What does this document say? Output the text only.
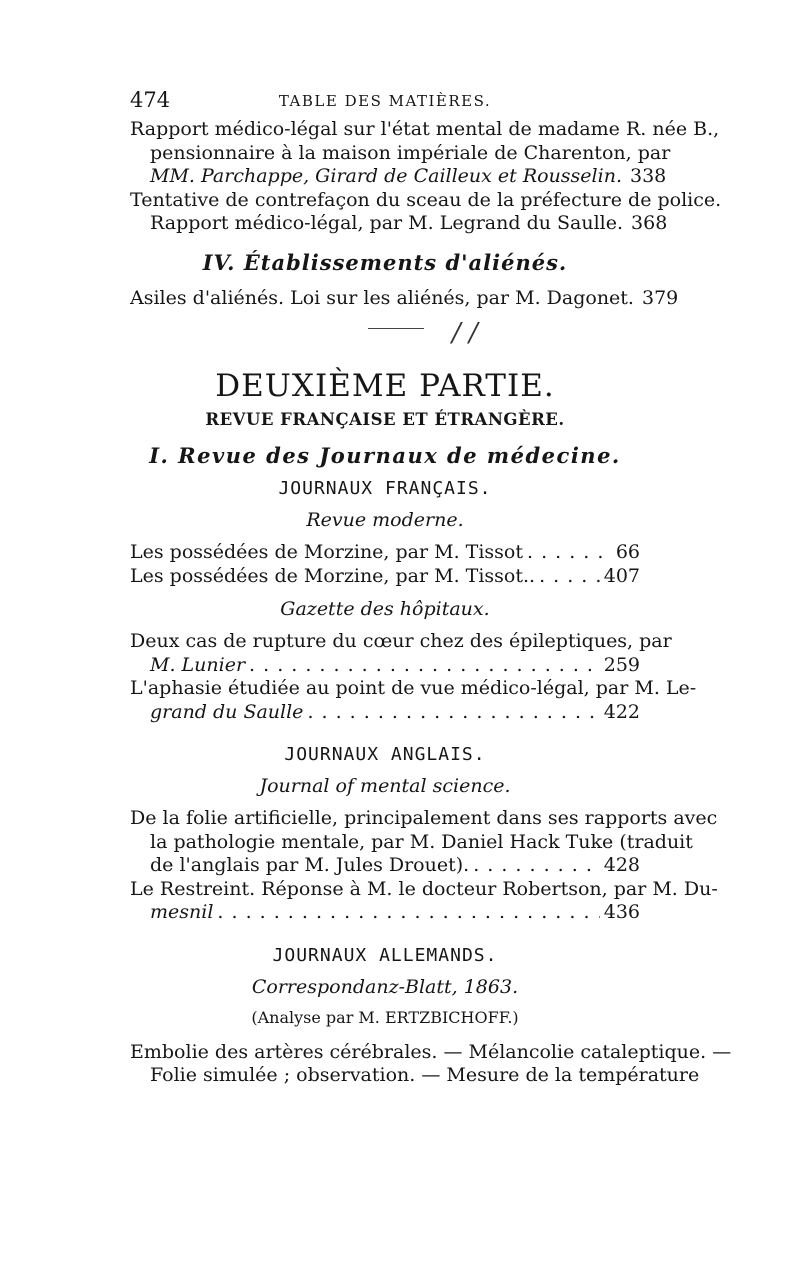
474	TABLE DES MATIÈRES.
Rapport médico-légal sur l'état mental de madame R. née B.,
pensionnaire à la maison impériale de Charenton, par
MM. Parchappe, Girard de Cailleux et Rousselin. 338
Tentative de contrefaçon du sceau de la préfecture de police.
Rapport médico-légal, par M. Legrand du Saulle. 368
IV. Établissements d'aliénés.
Asiles d'aliénés. Loi sur les aliénés, par M. Dagonet. 379
/ /
DEUXIÈME PARTIE.
REVUE FRANÇAISE ET ÉTRANGÈRE.
I. Revue des Journaux de médecine.
JOURNAUX FRANÇAIS.
Revue moderne.
Les possédées de Morzine, par M. Tissot . . .	66
Les possédées de Morzine, par M. Tissot.. . . .	407
Gazette des hôpitaux.
Deux cas de rupture du cœur chez des épileptiques, par
M. Lunier . . .	259
L'aphasie étudiée au point de vue médico-légal, par M. Le-
grand du Saulle . . .	422
JOURNAUX ANGLAIS.
Journal of mental science.
De la folie artificielle, principalement dans ses rapports avec
la pathologie mentale, par M. Daniel Hack Tuke (traduit
de l'anglais par M. Jules Drouet). . . .	428
Le Restreint. Réponse à M. le docteur Robertson, par M. Du-
mesnil . . .	436
JOURNAUX ALLEMANDS.
Correspondanz-Blatt, 1863.
(Analyse par M. ERTZBICHOFF.)
Embolie des artères cérébrales. — Mélancolie cataleptique. —
Folie simulée ; observation. — Mesure de la température
